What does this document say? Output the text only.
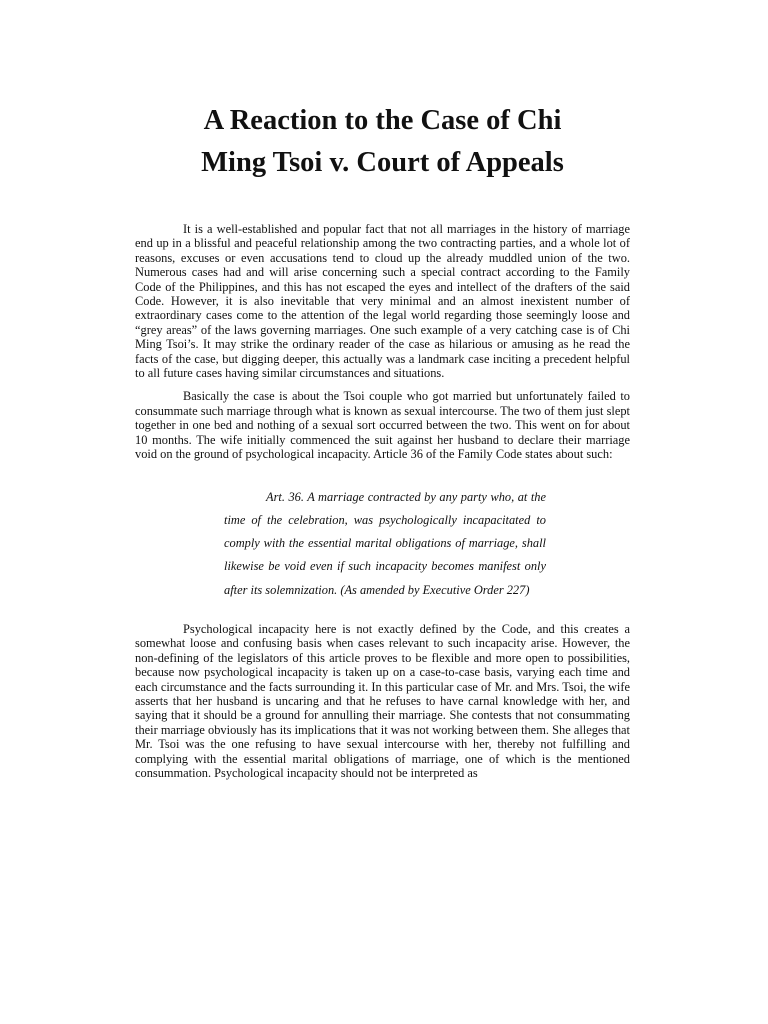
A Reaction to the Case of Chi
Ming Tsoi v. Court of Appeals

It is a well-established and popular fact that not all marriages in the history of marriage end up in a blissful and peaceful relationship among the two contracting parties, and a whole lot of reasons, excuses or even accusations tend to cloud up the already muddled union of the two. Numerous cases had and will arise concerning such a special contract according to the Family Code of the Philippines, and this has not escaped the eyes and intellect of the drafters of the said Code. However, it is also inevitable that very minimal and an almost inexistent number of extraordinary cases come to the attention of the legal world regarding those seemingly loose and “grey areas” of the laws governing marriages. One such example of a very catching case is of Chi Ming Tsoi’s. It may strike the ordinary reader of the case as hilarious or amusing as he read the facts of the case, but digging deeper, this actually was a landmark case inciting a precedent helpful to all future cases having similar circumstances and situations.

Basically the case is about the Tsoi couple who got married but unfortunately failed to consummate such marriage through what is known as sexual intercourse. The two of them just slept together in one bed and nothing of a sexual sort occurred between the two. This went on for about 10 months. The wife initially commenced the suit against her husband to declare their marriage void on the ground of psychological incapacity. Article 36 of the Family Code states about such:

Art. 36. A marriage contracted by any party who, at the time of the celebration, was psychologically incapacitated to comply with the essential marital obligations of marriage, shall likewise be void even if such incapacity becomes manifest only after its solemnization. (As amended by Executive Order 227)

Psychological incapacity here is not exactly defined by the Code, and this creates a somewhat loose and confusing basis when cases relevant to such incapacity arise. However, the non-defining of the legislators of this article proves to be flexible and more open to possibilities, because now psychological incapacity is taken up on a case-to-case basis, varying each time and each circumstance and the facts surrounding it. In this particular case of Mr. and Mrs. Tsoi, the wife asserts that her husband is uncaring and that he refuses to have carnal knowledge with her, and saying that it should be a ground for annulling their marriage. She contests that not consummating their marriage obviously has its implications that it was not working between them. She alleges that Mr. Tsoi was the one refusing to have sexual intercourse with her, thereby not fulfilling and complying with the essential marital obligations of marriage, one of which is the mentioned consummation. Psychological incapacity should not be interpreted as
